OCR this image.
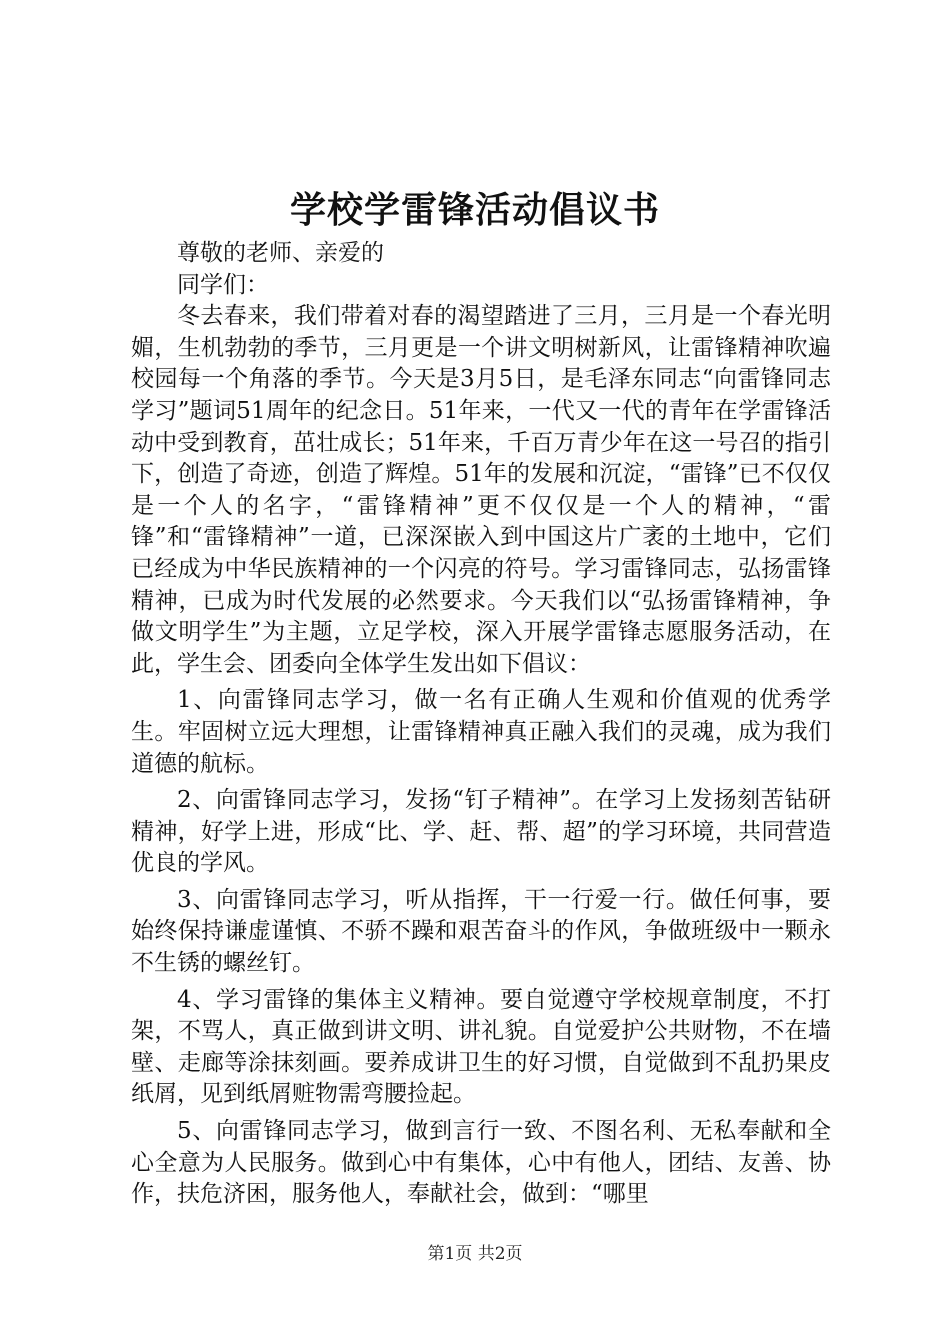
学校学雷锋活动倡议书

尊敬的老师、亲爱的

同学们：

冬去春来，我们带着对春的渴望踏进了三月，三月是一个春光明媚，生机勃勃的季节，三月更是一个讲文明树新风，让雷锋精神吹遍校园每一个角落的季节。今天是3月5日，是毛泽东同志“向雷锋同志学习”题词51周年的纪念日。51年来，一代又一代的青年在学雷锋活动中受到教育，茁壮成长；51年来，千百万青少年在这一号召的指引下，创造了奇迹，创造了辉煌。51年的发展和沉淀，“雷锋”已不仅仅是一个人的名字，“雷锋精神”更不仅仅是一个人的精神，“雷锋”和“雷锋精神”一道，已深深嵌入到中国这片广袤的土地中，它们已经成为中华民族精神的一个闪亮的符号。学习雷锋同志，弘扬雷锋精神，已成为时代发展的必然要求。今天我们以“弘扬雷锋精神，争做文明学生”为主题，立足学校，深入开展学雷锋志愿服务活动，在此，学生会、团委向全体学生发出如下倡议：

1、向雷锋同志学习，做一名有正确人生观和价值观的优秀学生。牢固树立远大理想，让雷锋精神真正融入我们的灵魂，成为我们道德的航标。

2、向雷锋同志学习，发扬“钉子精神”。在学习上发扬刻苦钻研精神，好学上进，形成“比、学、赶、帮、超”的学习环境，共同营造优良的学风。

3、向雷锋同志学习，听从指挥，干一行爱一行。做任何事，要始终保持谦虚谨慎、不骄不躁和艰苦奋斗的作风，争做班级中一颗永不生锈的螺丝钉。

4、学习雷锋的集体主义精神。要自觉遵守学校规章制度，不打架，不骂人，真正做到讲文明、讲礼貌。自觉爱护公共财物，不在墙壁、走廊等涂抹刻画。要养成讲卫生的好习惯，自觉做到不乱扔果皮纸屑，见到纸屑赃物需弯腰捡起。

5、向雷锋同志学习，做到言行一致、不图名利、无私奉献和全心全意为人民服务。做到心中有集体，心中有他人，团结、友善、协作，扶危济困，服务他人，奉献社会，做到：“哪里

第1页 共2页
